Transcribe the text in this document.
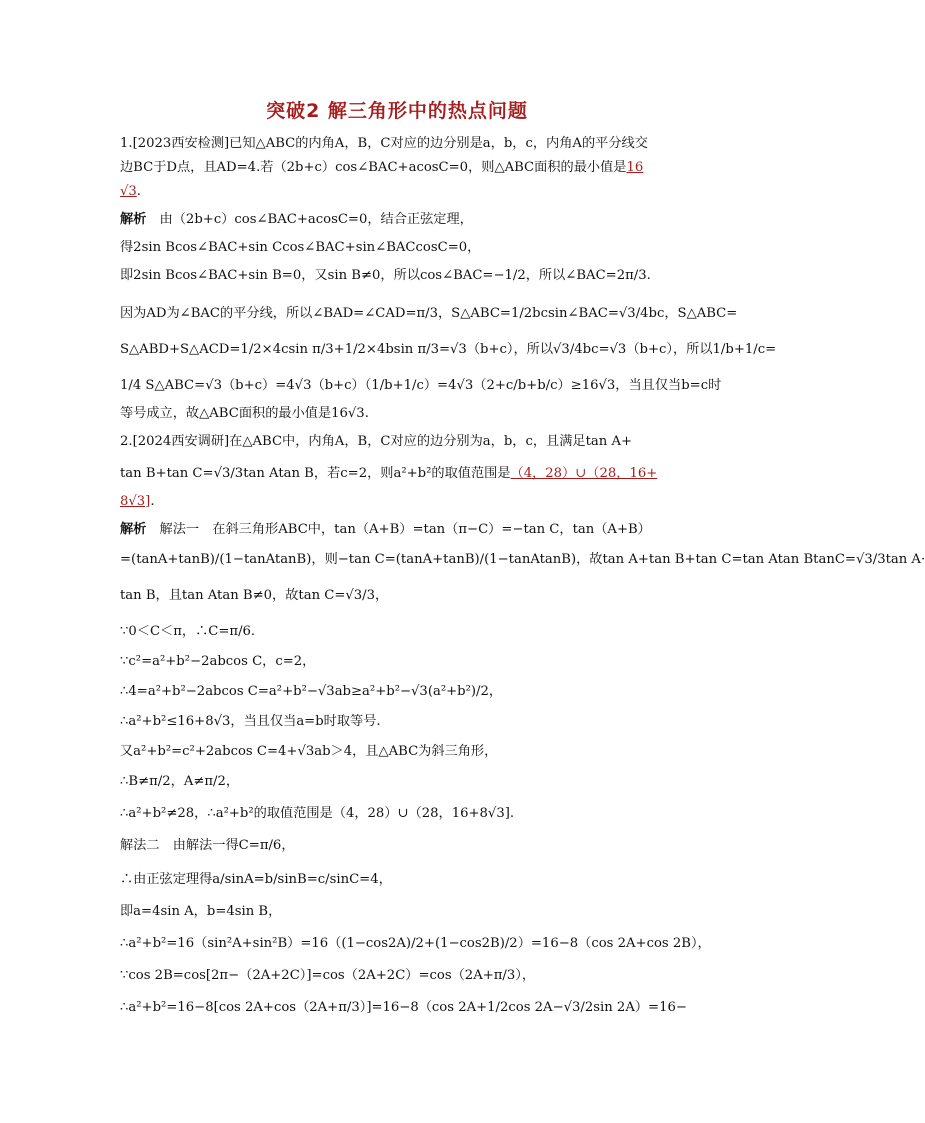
突破2 解三角形中的热点问题
1.[2023西安检测]已知△ABC的内角A，B，C对应的边分别是a，b，c，内角A的平分线交
边BC于D点，且AD=4.若（2b+c）cos∠BAC+acosC=0，则△ABC面积的最小值是16
√3.
解析　由（2b+c）cos∠BAC+acosC=0，结合正弦定理，
得2sin Bcos∠BAC+sin Ccos∠BAC+sin∠BACcosC=0，
即2sin Bcos∠BAC+sin B=0，又sin B≠0，所以cos∠BAC=−1/2，所以∠BAC=2π/3.
因为AD为∠BAC的平分线，所以∠BAD=∠CAD=π/3，S△ABC=1/2bcsin∠BAC=√3/4bc，S△ABC=
S△ABD+S△ACD=1/2×4csin π/3+1/2×4bsin π/3=√3（b+c），所以√3/4bc=√3（b+c），所以1/b+1/c=
1/4 S△ABC=√3（b+c）=4√3（b+c）（1/b+1/c）=4√3（2+c/b+b/c）≥16√3，当且仅当b=c时
等号成立，故△ABC面积的最小值是16√3.
2.[2024西安调研]在△ABC中，内角A，B，C对应的边分别为a，b，c，且满足tan A+
tan B+tan C=√3/3tan Atan B，若c=2，则a²+b²的取值范围是（4，28）∪（28，16+
8√3].
解析　解法一　在斜三角形ABC中，tan（A+B）=tan（π−C）=−tan C，tan（A+B）
=(tanA+tanB)/(1−tanAtanB)，则−tan C=(tanA+tanB)/(1−tanAtanB)，故tan A+tan B+tan C=tan Atan BtanC=√3/3tan A·
tan B，且tan Atan B≠0，故tan C=√3/3，
∵0＜C＜π，∴C=π/6.
∵c²=a²+b²−2abcos C，c=2，
∴4=a²+b²−2abcos C=a²+b²−√3ab≥a²+b²−√3(a²+b²)/2，
∴a²+b²≤16+8√3，当且仅当a=b时取等号.
又a²+b²=c²+2abcos C=4+√3ab＞4，且△ABC为斜三角形，
∴B≠π/2，A≠π/2，
∴a²+b²≠28，∴a²+b²的取值范围是（4，28）∪（28，16+8√3].
解法二　由解法一得C=π/6，
∴由正弦定理得a/sinA=b/sinB=c/sinC=4，
即a=4sin A，b=4sin B，
∴a²+b²=16（sin²A+sin²B）=16（(1−cos2A)/2+(1−cos2B)/2）=16−8（cos 2A+cos 2B），
∵cos 2B=cos[2π−（2A+2C）]=cos（2A+2C）=cos（2A+π/3），
∴a²+b²=16−8[cos 2A+cos（2A+π/3）]=16−8（cos 2A+1/2cos 2A−√3/2sin 2A）=16−
